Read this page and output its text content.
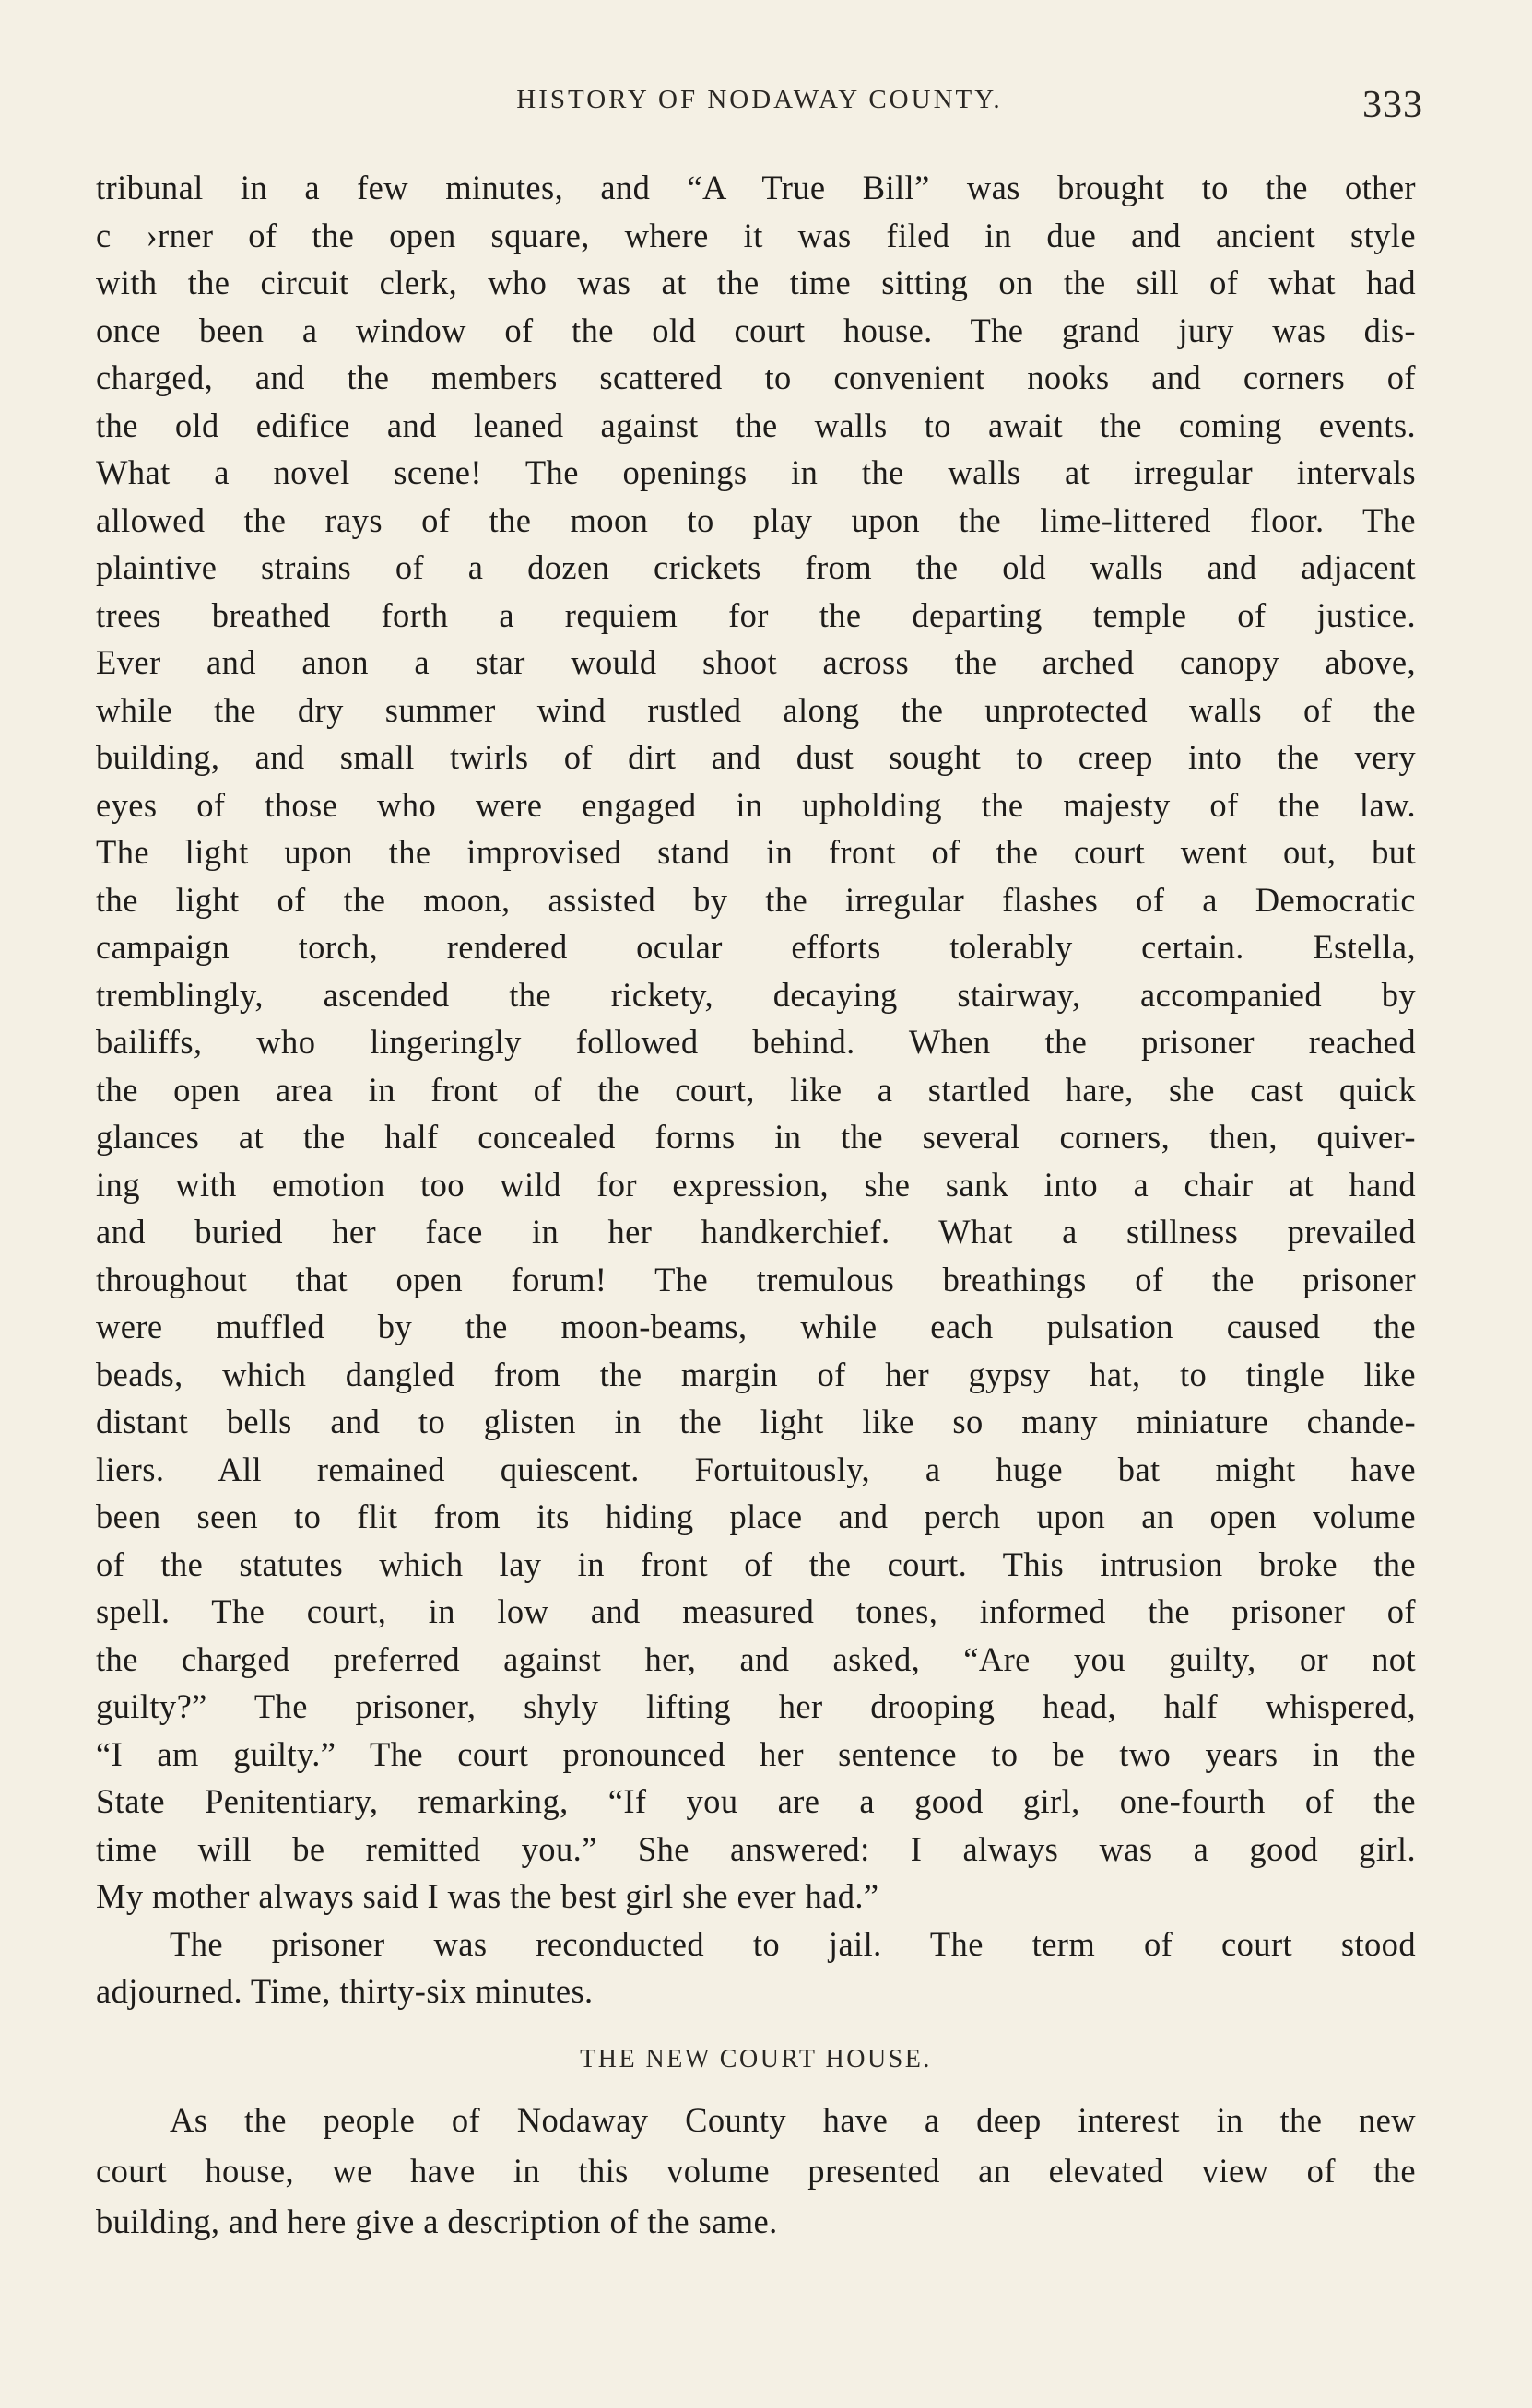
HISTORY OF NODAWAY COUNTY.	333
tribunal in a few minutes, and “A True Bill” was brought to the other
c ›rner of the open square, where it was filed in due and ancient style
with the circuit clerk, who was at the time sitting on the sill of what had
once been a window of the old court house. The grand jury was dis-
charged, and the members scattered to convenient nooks and corners of
the old edifice and leaned against the walls to await the coming events.
What a novel scene! The openings in the walls at irregular intervals
allowed the rays of the moon to play upon the lime-littered floor. The
plaintive strains of a dozen crickets from the old walls and adjacent
trees breathed forth a requiem for the departing temple of justice.
Ever and anon a star would shoot across the arched canopy above,
while the dry summer wind rustled along the unprotected walls of the
building, and small twirls of dirt and dust sought to creep into the very
eyes of those who were engaged in upholding the majesty of the law.
The light upon the improvised stand in front of the court went out, but
the light of the moon, assisted by the irregular flashes of a Democratic
campaign torch, rendered ocular efforts tolerably certain. Estella,
tremblingly, ascended the rickety, decaying stairway, accompanied by
bailiffs, who lingeringly followed behind. When the prisoner reached
the open area in front of the court, like a startled hare, she cast quick
glances at the half concealed forms in the several corners, then, quiver-
ing with emotion too wild for expression, she sank into a chair at hand
and buried her face in her handkerchief. What a stillness prevailed
throughout that open forum! The tremulous breathings of the prisoner
were muffled by the moon-beams, while each pulsation caused the
beads, which dangled from the margin of her gypsy hat, to tingle like
distant bells and to glisten in the light like so many miniature chande-
liers. All remained quiescent. Fortuitously, a huge bat might have
been seen to flit from its hiding place and perch upon an open volume
of the statutes which lay in front of the court. This intrusion broke the
spell. The court, in low and measured tones, informed the prisoner of
the charged preferred against her, and asked, “Are you guilty, or not
guilty?” The prisoner, shyly lifting her drooping head, half whispered,
“I am guilty.” The court pronounced her sentence to be two years in the
State Penitentiary, remarking, “If you are a good girl, one-fourth of the
time will be remitted you.” She answered: I always was a good girl.
My mother always said I was the best girl she ever had.”
The prisoner was reconducted to jail. The term of court stood
adjourned. Time, thirty-six minutes.
THE NEW COURT HOUSE.
As the people of Nodaway County have a deep interest in the new
court house, we have in this volume presented an elevated view of the
building, and here give a description of the same.
